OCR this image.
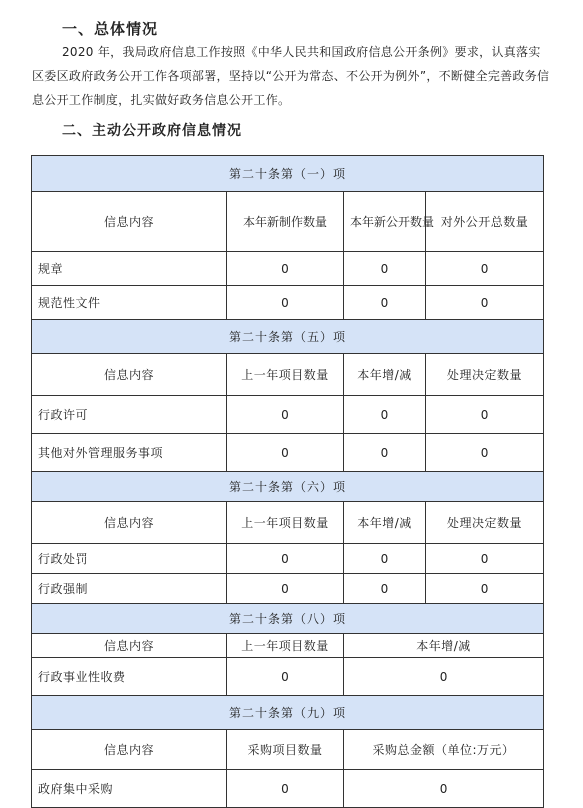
一、总体情况
2020 年，我局政府信息工作按照《中华人民共和国政府信息公开条例》要求，认真落实区委区政府政务公开工作各项部署，坚持以“公开为常态、不公开为例外”，不断健全完善政务信息公开工作制度，扎实做好政务信息公开工作。
二、主动公开政府信息情况
第二十条第（一）项			
信息内容	本年新制作数量	本年新公开数量	对外公开总数量
规章	0	0	0
规范性文件	0	0	0
第二十条第（五）项			
信息内容	上一年项目数量	本年增/减	处理决定数量
行政许可	0	0	0
其他对外管理服务事项	0	0	0
第二十条第（六）项			
信息内容	上一年项目数量	本年增/减	处理决定数量
行政处罚	0	0	0
行政强制	0	0	0
第二十条第（八）项			
信息内容	上一年项目数量	本年增/减	
行政事业性收费	0	0	
第二十条第（九）项			
信息内容	采购项目数量	采购总金额（单位:万元）	
政府集中采购	0	0	
